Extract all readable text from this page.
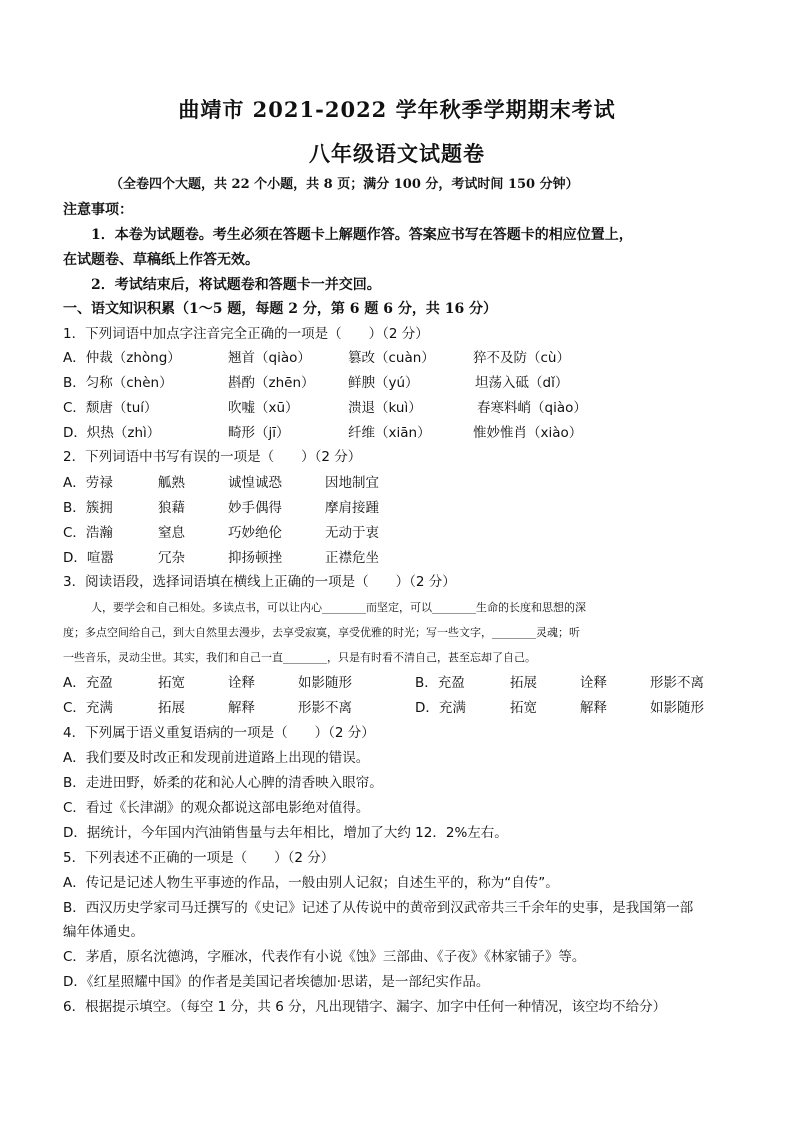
曲靖市 2021-2022 学年秋季学期期末考试
八年级语文试题卷
（全卷四个大题，共 22 个小题，共 8 页；满分 100 分，考试时间 150 分钟）
注意事项：
1．本卷为试题卷。考生必须在答题卡上解题作答。答案应书写在答题卡的相应位置上，
在试题卷、草稿纸上作答无效。
2．考试结束后，将试题卷和答题卡一并交回。
一、语文知识积累（1～5 题，每题 2 分，第 6 题 6 分，共 16 分）
1．下列词语中加点字注音完全正确的一项是（　　）（2 分）
A．仲裁（zhòng）	翘首（qiào）	篡改（cuàn）	猝不及防（cù）
B．匀称（chèn）	斟酌（zhēn） 鲜腴（yú）	坦荡入砥（dǐ）
C．颓唐（tuí）	吹嘘（xū）	溃退（kuì）	春寒料峭（qiào）
D．炽热（zhì）	畸形（jī）	纤维（xiān）	惟妙惟肖（xiào）
2．下列词语中书写有误的一项是（　　）（2 分）
A．劳禄	觚熟	诚惶诚恐	因地制宜
B．簇拥	狼藉	妙手偶得	摩肩接踵
C．浩瀚	窒息	巧妙绝伦	无动于衷
D．喧嚣	冗杂	抑扬顿挫	正襟危坐
3．阅读语段，选择词语填在横线上正确的一项是（　　）（2 分）
人，要学会和自己相处。多读点书，可以让内心________而坚定，可以________生命的长度和思想的深
度；多点空间给自己，到大自然里去漫步，去享受寂寞，享受优雅的时光；写一些文字，________灵魂；听
一些音乐，灵动尘世。其实，我们和自己一直________，只是有时看不清自己，甚至忘却了自己。
A．充盈	拓宽	诠释	如影随形	B．充盈	拓展	诠释	形影不离
C．充满	拓展	解释	形影不离	D．充满	拓宽	解释	如影随形
4．下列属于语义重复语病的一项是（　　）（2 分）
A．我们要及时改正和发现前进道路上出现的错误。
B．走进田野，娇柔的花和沁人心脾的清香映入眼帘。
C．看过《长津湖》的观众都说这部电影绝对值得。
D．据统计，今年国内汽油销售量与去年相比，增加了大约 12．2%左右。
5．下列表述不正确的一项是（　　）（2 分）
A．传记是记述人物生平事迹的作品，一般由别人记叙；自述生平的，称为“自传”。
B．西汉历史学家司马迁撰写的《史记》记述了从传说中的黄帝到汉武帝共三千余年的史事，是我国第一部
编年体通史。
C．茅盾，原名沈德鸿，字雁冰，代表作有小说《蚀》三部曲、《子夜》《林家铺子》等。
D．《红星照耀中国》的作者是美国记者埃德加·思诺，是一部纪实作品。
6．根据提示填空。（每空 1 分，共 6 分，凡出现错字、漏字、加字中任何一种情况，该空均不给分）
